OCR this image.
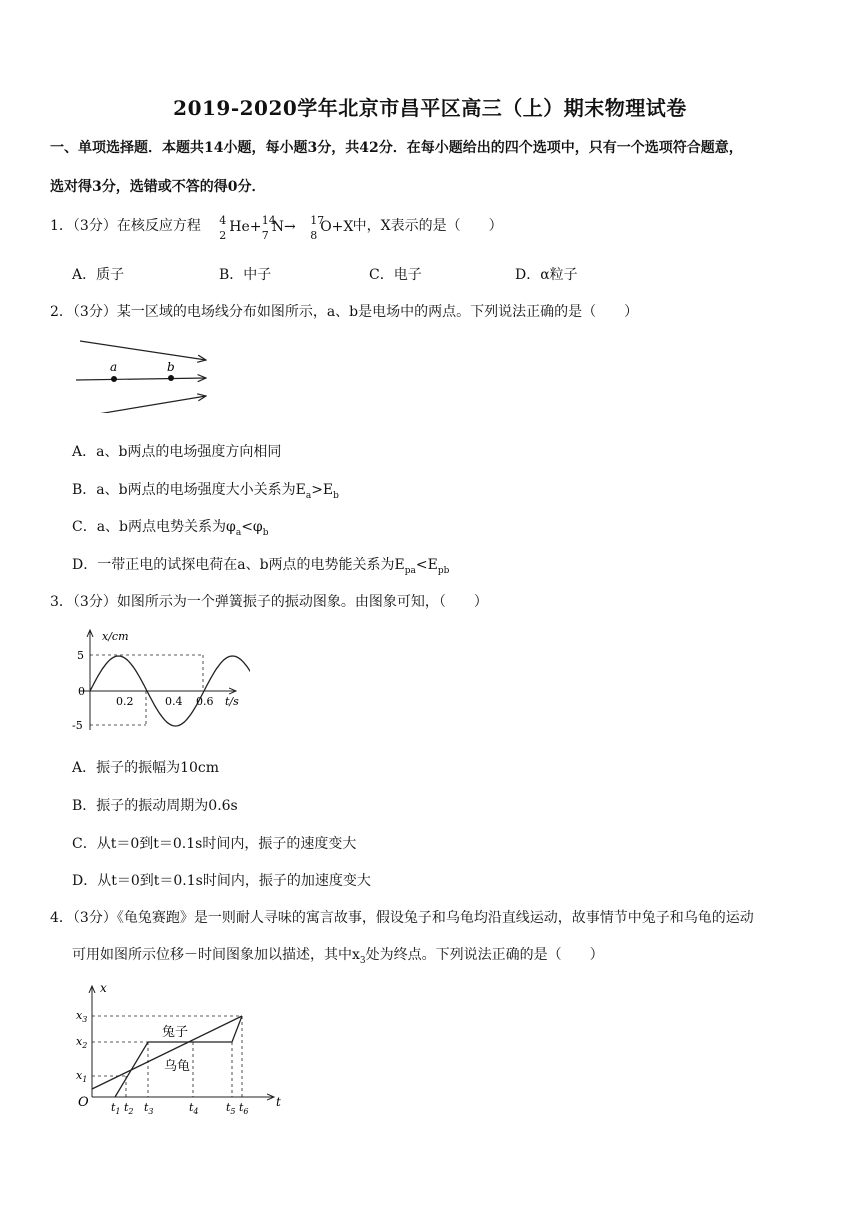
2019-2020学年北京市昌平区高三（上）期末物理试卷
一、单项选择题．本题共14小题，每小题3分，共42分．在每小题给出的四个选项中，只有一个选项符合题意，
选对得3分，选错或不答的得0分．
1．（3分）在核反应方程 4
2
He+
14
7
N→
17
8
O+X 中，X表示的是（　　）
A．质子	B．中子	C．电子	D．α粒子
2．（3分）某一区域的电场线分布如图所示，a、b是电场中的两点。下列说法正确的是（　　）
a	b
A．a、b两点的电场强度方向相同
B．a、b两点的电场强度大小关系为$E_a>E_b$
C．a、b两点电势关系为$\varphi_a<\varphi_b$
D．一带正电的试探电荷在a、b两点的电势能关系为$E_{pa}<E_{pb}$
3．（3分）如图所示为一个弹簧振子的振动图象。由图象可知，（　　）
x/cm
5
0
-5
0.2	0.4 0.6 t/s
A．振子的振幅为10cm
B．振子的振动周期为0.6s
C．从t＝0到t＝0.1s时间内，振子的速度变大
D．从t＝0到t＝0.1s时间内，振子的加速度变大
4．（3分）《龟兔赛跑》是一则耐人寻味的寓言故事，假设兔子和乌龟均沿直线运动，故事情节中兔子和乌龟的运动
可用如图所示位移－时间图象加以描述，其中$x_3$处为终点。下列说法正确的是（　　）
x
t
O
兔子
乌龟
$x_3$
$x_2$
$x_1$
$t_1$ $t_2$ $t_3$	$t_4$ $t_5$ $t_6$
